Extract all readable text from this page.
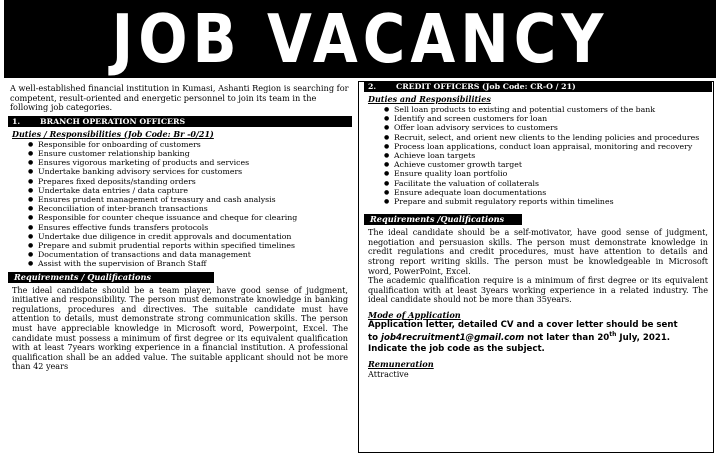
JOB VACANCY
A well-established financial institution in Kumasi, Ashanti Region is searching for competent, result-oriented and energetic personnel to join its team in the following job categories.
1.	BRANCH OPERATION OFFICERS
Duties / Responsibilities (Job Code: Br -0/21)
● Responsible for onboarding of customers
● Ensure customer relationship banking
● Ensures vigorous marketing of products and services
● Undertake banking advisory services for customers
● Prepares fixed deposits/standing orders
● Undertake data entries / data capture
● Ensures prudent management of treasury and cash analysis
● Reconciliation of inter-branch transactions
● Responsible for counter cheque issuance and cheque for clearing
● Ensures effective funds transfers protocols
● Undertake due diligence in credit approvals and documentation
● Prepare and submit prudential reports within specified timelines
● Documentation of transactions and data management
● Assist with the supervision of Branch Staff
Requirements / Qualifications
The ideal candidate should be a team player, have good sense of judgment, initiative and responsibility. The person must demonstrate knowledge in banking regulations, procedures and directives. The suitable candidate must have attention to details, must demonstrate strong communication skills. The person must have appreciable knowledge in Microsoft word, Powerpoint, Excel. The candidate must possess a minimum of first degree or its equivalent qualification with at least 7years working experience in a financial institution. A professional qualification shall be an added value. The suitable applicant should not be more than 42 years
2.	CREDIT OFFICERS (Job Code: CR-O / 21)
Duties and Responsibilities
● Sell loan products to existing and potential customers of the bank
● Identify and screen customers for loan
● Offer loan advisory services to customers
● Recruit, select, and orient new clients to the lending policies and procedures
● Process loan applications, conduct loan appraisal, monitoring and recovery
● Achieve loan targets
● Achieve customer growth target
● Ensure quality loan portfolio
● Facilitate the valuation of collaterals
● Ensure adequate loan documentations
● Prepare and submit regulatory reports within timelines
Requirements /Qualifications
The ideal candidate should be a self-motivator, have good sense of judgment, negotiation and persuasion skills. The person must demonstrate knowledge in credit regulations and credit procedures, must have attention to details and strong report writing skills. The person must be knowledgeable in Microsoft word, PowerPoint, Excel.
The academic qualification require is a minimum of first degree or its equivalent qualification with at least 3years working experience in a related industry. The ideal candidate should not be more than 35years.
Mode of Application
Application letter, detailed CV and a cover letter should be sent
to job4recruitment1@gmail.com not later than 20th July, 2021.
Indicate the job code as the subject.
Remuneration
Attractive
